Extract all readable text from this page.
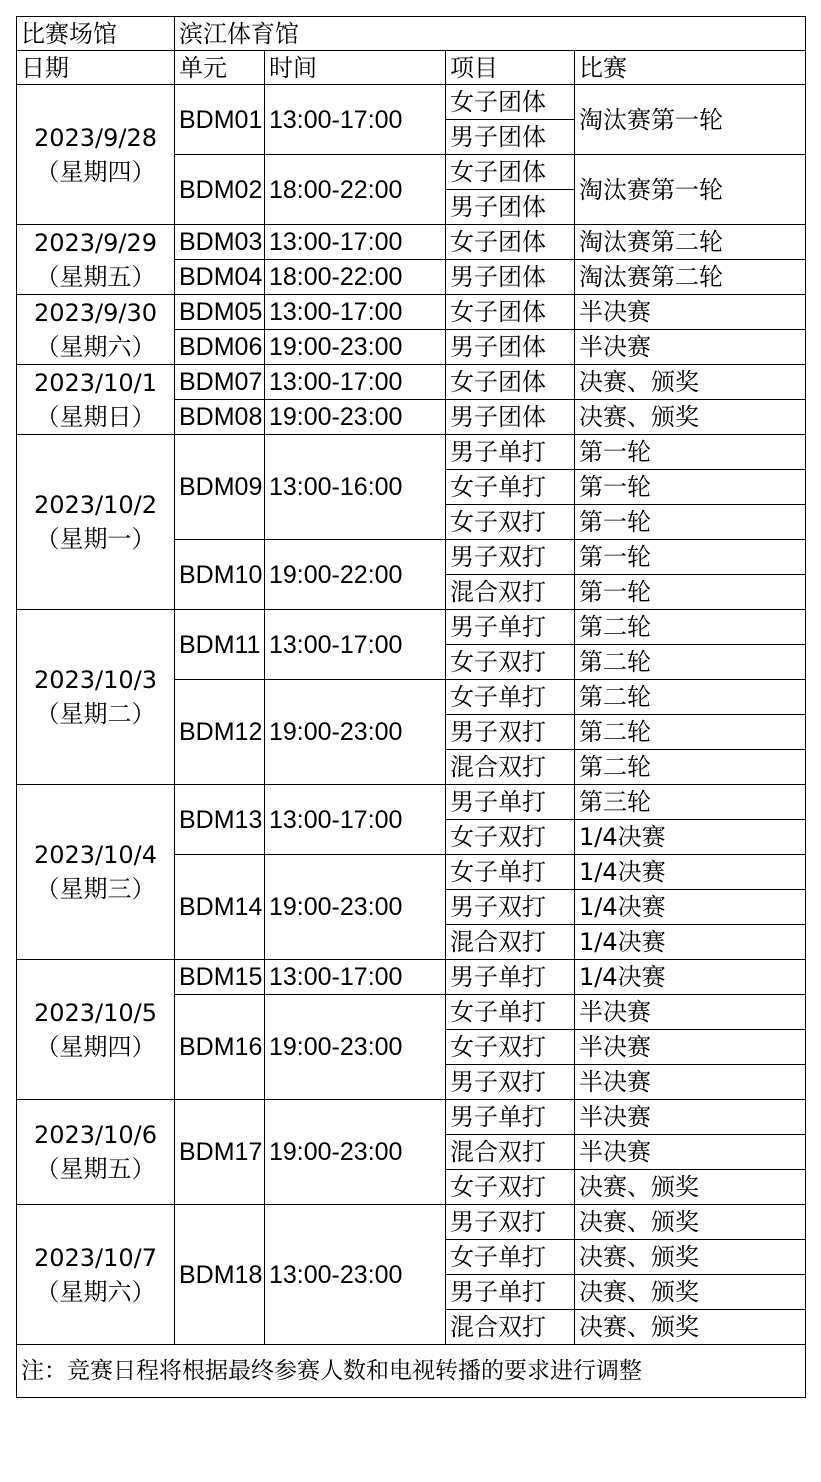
比赛场馆	滨江体育馆			
日期	单元	时间	项目	比赛

2023/9/28
（星期四）	BDM01	13:00-17:00	女子团体	淘汰赛第一轮
			男子团体	
	BDM02	18:00-22:00	女子团体	淘汰赛第一轮
			男子团体	

2023/9/29
（星期五）	BDM03	13:00-17:00	女子团体	淘汰赛第二轮
	BDM04	18:00-22:00	男子团体	淘汰赛第二轮

2023/9/30
（星期六）	BDM05	13:00-17:00	女子团体	半决赛
	BDM06	19:00-23:00	男子团体	半决赛

2023/10/1
（星期日）	BDM07	13:00-17:00	女子团体	决赛、颁奖
	BDM08	19:00-23:00	男子团体	决赛、颁奖

2023/10/2
（星期一）	BDM09	13:00-16:00	男子单打	第一轮
			女子单打	第一轮
			女子双打	第一轮
	BDM10	19:00-22:00	男子双打	第一轮
			混合双打	第一轮

2023/10/3
（星期二）	BDM11	13:00-17:00	男子单打	第二轮
			女子双打	第二轮
	BDM12	19:00-23:00	女子单打	第二轮
			男子双打	第二轮
			混合双打	第二轮

2023/10/4
（星期三）	BDM13	13:00-17:00	男子单打	第三轮
			女子双打	1/4决赛
	BDM14	19:00-23:00	女子单打	1/4决赛
			男子双打	1/4决赛
			混合双打	1/4决赛

2023/10/5
（星期四）	BDM15	13:00-17:00	男子单打	1/4决赛
	BDM16	19:00-23:00	女子单打	半决赛
			女子双打	半决赛
			男子双打	半决赛

2023/10/6
（星期五）	BDM17	19:00-23:00	男子单打	半决赛
			混合双打	半决赛
			女子双打	决赛、颁奖

2023/10/7
（星期六）	BDM18	13:00-23:00	男子双打	决赛、颁奖
			女子单打	决赛、颁奖
			男子单打	决赛、颁奖
			混合双打	决赛、颁奖
注：竞赛日程将根据最终参赛人数和电视转播的要求进行调整				
